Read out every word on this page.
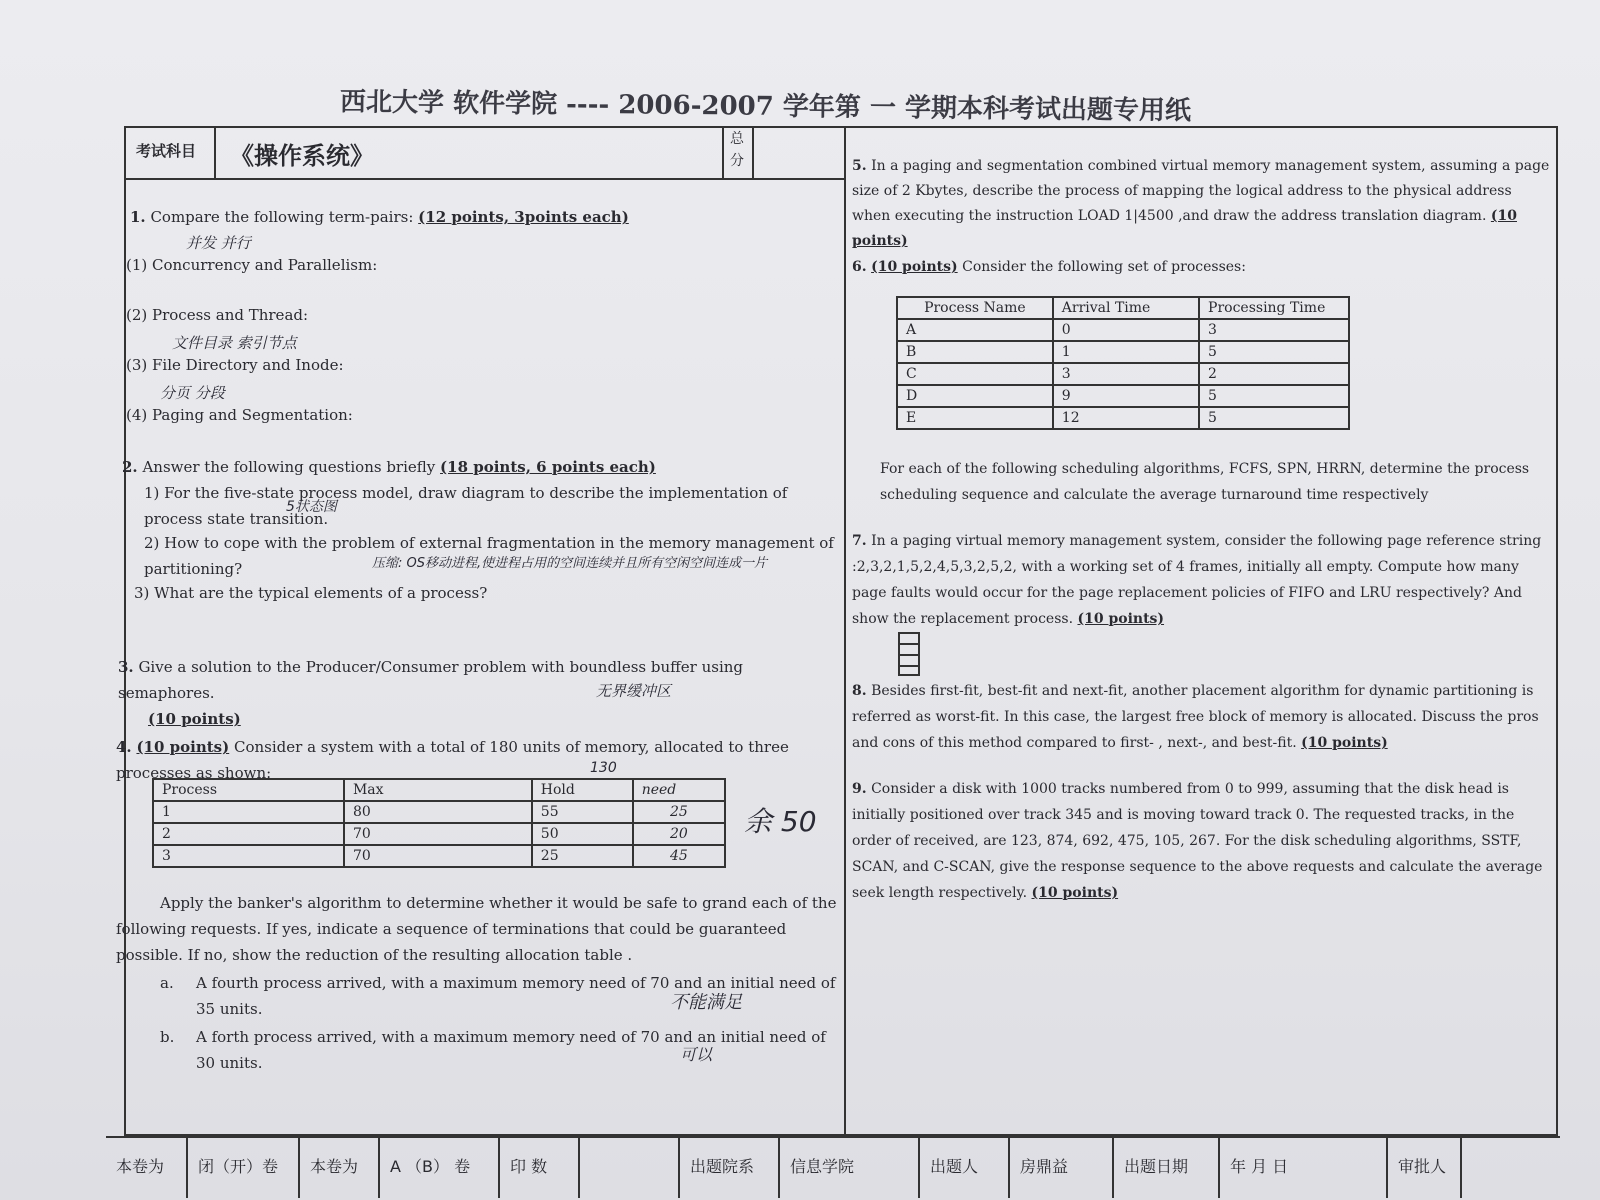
西北大学 软件学院 ---- 2006-2007 学年第 一 学期本科考试出题专用纸
考试科目	《操作系统》
总分
1. Compare the following term-pairs: (12 points, 3points each)
(1) Concurrency and Parallelism:
(2) Process and Thread:
(3) File Directory and Inode:
(4) Paging and Segmentation:
并发 并行
文件目录 索引节点
分页 分段
2. Answer the following questions briefly (18 points, 6 points each)
1) For the five-state process model, draw diagram to describe the implementation of process state transition.
2) How to cope with the problem of external fragmentation in the memory management of partitioning?
3) What are the typical elements of a process?
5状态图
压缩: OS移动进程,使进程占用的空间连续并且所有空闲空间连成一片
3. Give a solution to the Producer/Consumer problem with boundless buffer using semaphores.
(10 points)
无界缓冲区
4. (10 points) Consider a system with a total of 180 units of memory, allocated to three processes as shown:	130
Process	Max	Hold	need
1	80	55	25
2	70	50	20
3	70	25	45
余 50
Apply the banker's algorithm to determine whether it would be safe to grand each of the following requests. If yes, indicate a sequence of terminations that could be guaranteed possible. If no, show the reduction of the resulting allocation table .
a.	A fourth process arrived, with a maximum memory need of 70 and an initial need of 35 units.	不能满足
b.	A forth process arrived, with a maximum memory need of 70 and an initial need of 30 units.	可以
5. In a paging and segmentation combined virtual memory management system, assuming a page size of 2 Kbytes, describe the process of mapping the logical address to the physical address when executing the instruction LOAD 1|4500 ,and draw the address translation diagram. (10 points)
6. (10 points) Consider the following set of processes:
Process Name	Arrival Time	Processing Time
A	0	3
B	1	5
C	3	2
D	9	5
E	12	5
For each of the following scheduling algorithms, FCFS, SPN, HRRN, determine the process scheduling sequence and calculate the average turnaround time respectively
7. In a paging virtual memory management system, consider the following page reference string :2,3,2,1,5,2,4,5,3,2,5,2, with a working set of 4 frames, initially all empty. Compute how many page faults would occur for the page replacement policies of FIFO and LRU respectively? And show the replacement process. (10 points)
8. Besides first-fit, best-fit and next-fit, another placement algorithm for dynamic partitioning is referred as worst-fit. In this case, the largest free block of memory is allocated. Discuss the pros and cons of this method compared to first- , next-, and best-fit. (10 points)
9. Consider a disk with 1000 tracks numbered from 0 to 999, assuming that the disk head is initially positioned over track 345 and is moving toward track 0. The requested tracks, in the order of received, are 123, 874, 692, 475, 105, 267. For the disk scheduling algorithms, SSTF, SCAN, and C-SCAN, give the response sequence to the above requests and calculate the average seek length respectively. (10 points)
本卷为	闭（开）卷	本卷为	A （B） 卷	印 数	出题院系	信息学院	出题人	房鼎益	出题日期	年 月 日	审批人
